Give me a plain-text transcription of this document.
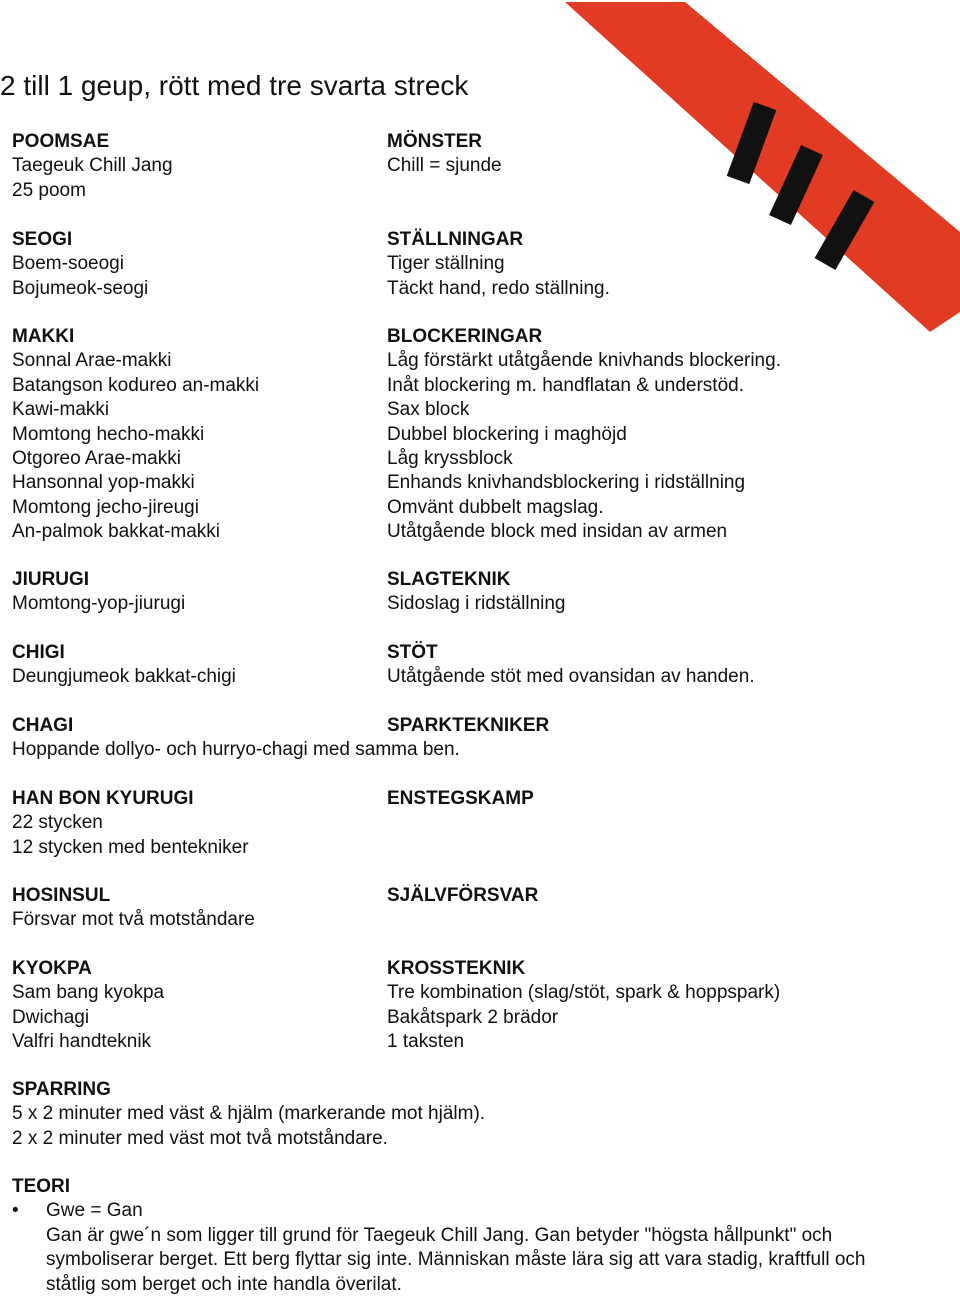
2 till 1 geup, rött med tre svarta streck
POOMSAE
Taegeuk Chill Jang
25 poom
SEOGI
Boem-soeogi
Bojumeok-seogi
MAKKI
Sonnal Arae-makki
Batangson kodureo an-makki
Kawi-makki
Momtong hecho-makki
Otgoreo Arae-makki
Hansonnal yop-makki
Momtong jecho-jireugi
An-palmok bakkat-makki
JIURUGI
Momtong-yop-jiurugi
CHIGI
Deungjumeok bakkat-chigi
CHAGI
Hoppande dollyo- och hurryo-chagi med samma ben.
HAN BON KYURUGI
22 stycken
12 stycken med bentekniker
HOSINSUL
Försvar mot två motståndare
KYOKPA
Sam bang kyokpa
Dwichagi
Valfri handteknik
SPARRING
5 x 2 minuter med väst & hjälm (markerande mot hjälm).
2 x 2 minuter med väst mot två motståndare.
TEORI
• Gwe = Gan
Gan är gwe´n som ligger till grund för Taegeuk Chill Jang. Gan betyder "högsta hållpunkt" och symboliserar berget. Ett berg flyttar sig inte. Människan måste lära sig att vara stadig, kraftfull och ståtlig som berget och inte handla överilat.
MÖNSTER
Chill = sjunde
STÄLLNINGAR
Tiger ställning
Täckt hand, redo ställning.
BLOCKERINGAR
Låg förstärkt utåtgående knivhands blockering.
Inåt blockering m. handflatan & understöd.
Sax block
Dubbel blockering i maghöjd
Låg kryssblock
Enhands knivhandsblockering i ridställning
Omvänt dubbelt magslag.
Utåtgående block med insidan av armen
SLAGTEKNIK
Sidoslag i ridställning
STÖT
Utåtgående stöt med ovansidan av handen.
SPARKTEKNIKER
ENSTEGSKAMP
SJÄLVFÖRSVAR
KROSSTEKNIK
Tre kombination (slag/stöt, spark & hoppspark)
Bakåtspark 2 brädor
1 taksten
